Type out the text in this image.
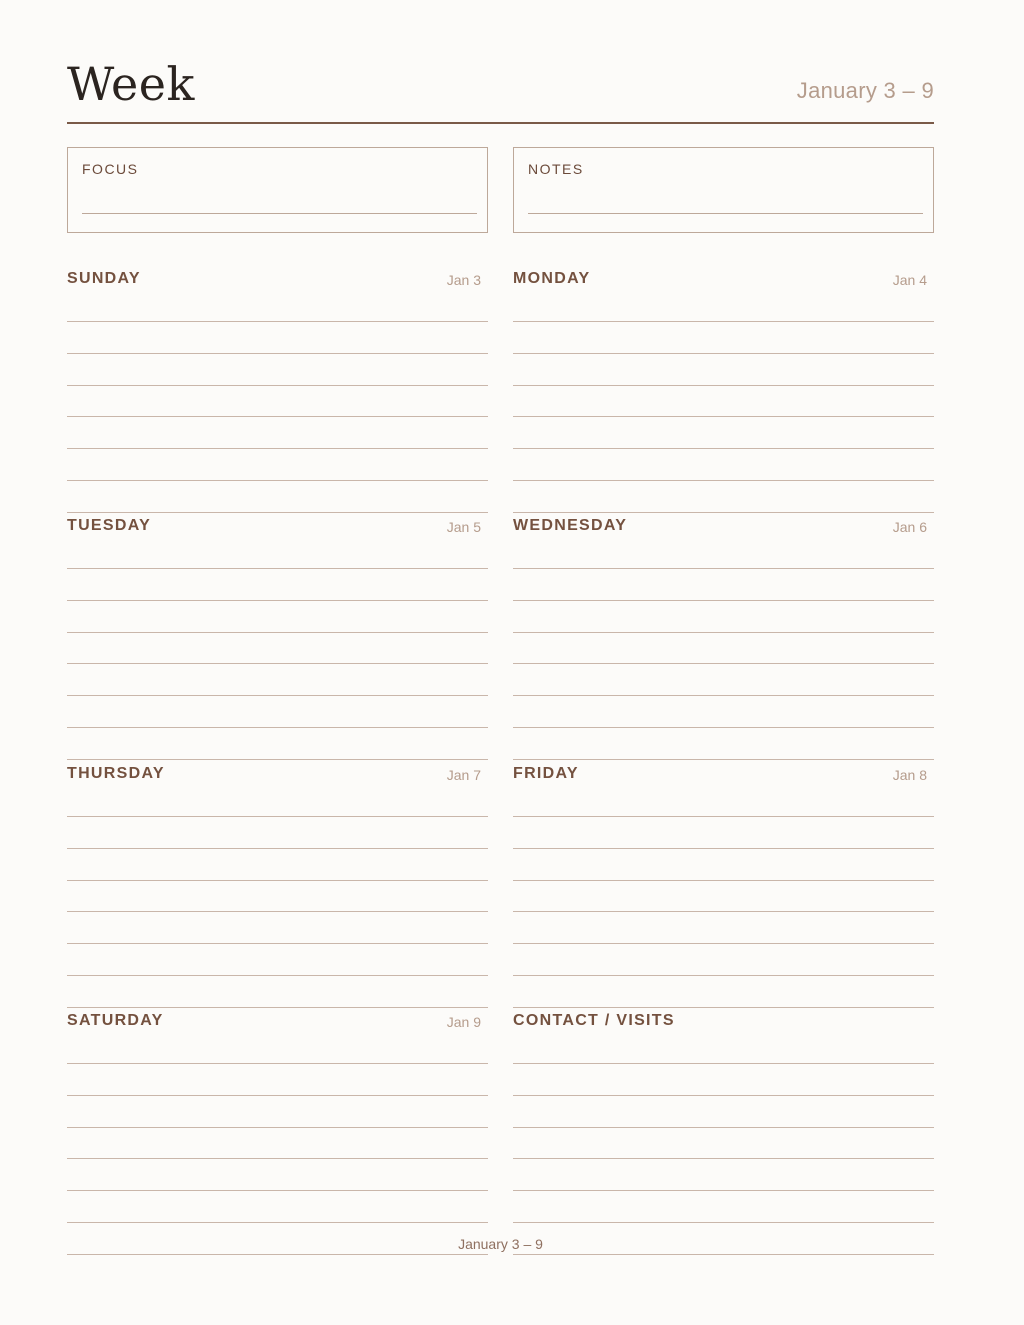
Week	January 3 – 9
FOCUS	NOTES
SUNDAY	Jan 3 MONDAY	Jan 4
TUESDAY	Jan 5 WEDNESDAY	Jan 6
THURSDAY	Jan 7 FRIDAY	Jan 8
SATURDAY	Jan 9 CONTACT / VISITS
January 3 – 9
